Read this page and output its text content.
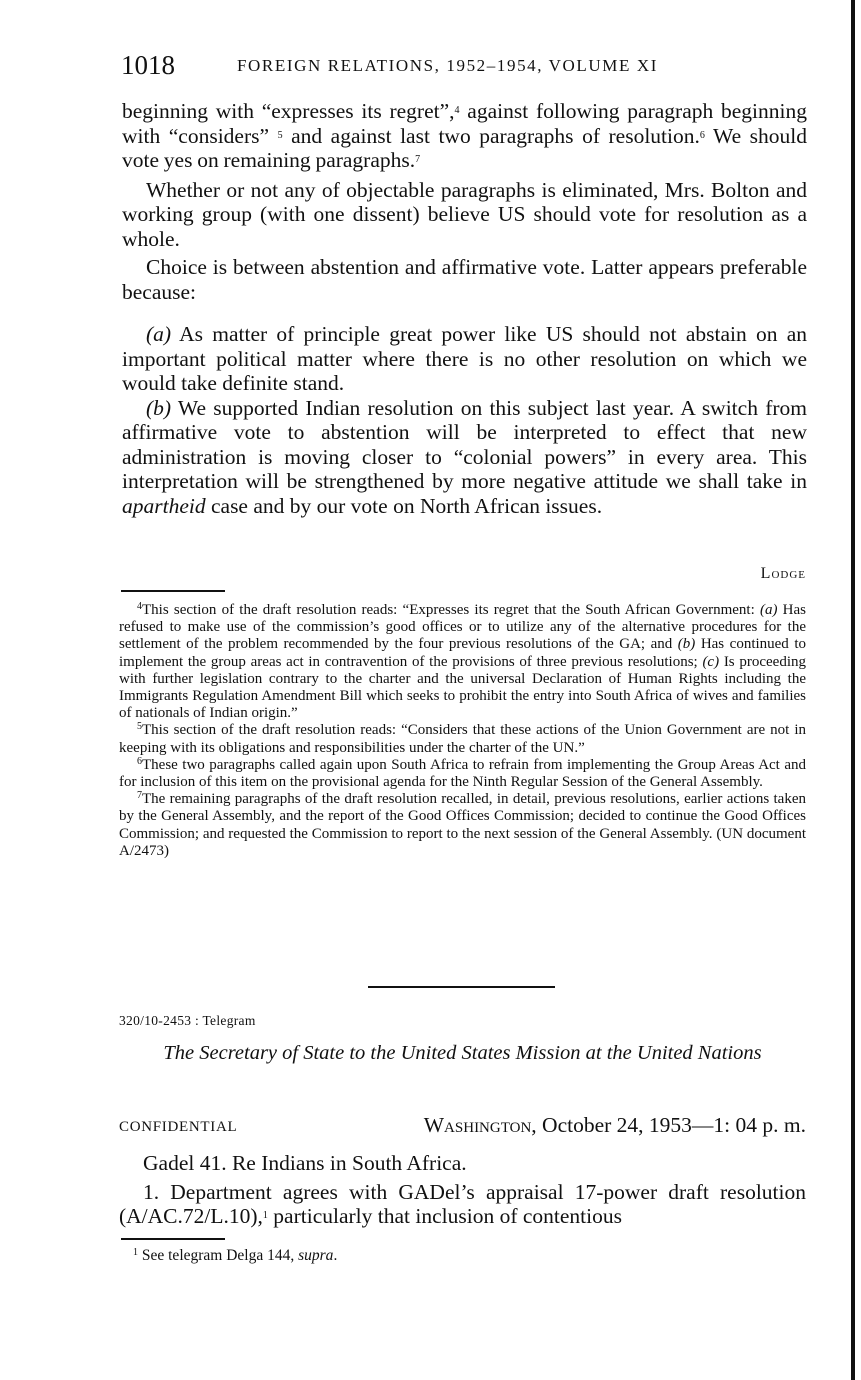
1018	FOREIGN RELATIONS, 1952–1954, VOLUME XI

beginning with “expresses its regret”,$^4$ against following paragraph beginning with “considers” $^5$ and against last two paragraphs of resolution.$^6$ We should vote yes on remaining paragraphs.$^7$

Whether or not any of objectable paragraphs is eliminated, Mrs. Bolton and working group (with one dissent) believe US should vote for resolution as a whole.

Choice is between abstention and affirmative vote. Latter appears preferable because:

(a) As matter of principle great power like US should not abstain on an important political matter where there is no other resolution on which we would take definite stand.

(b) We supported Indian resolution on this subject last year. A switch from affirmative vote to abstention will be interpreted to effect that new administration is moving closer to “colonial powers” in every area. This interpretation will be strengthened by more negative attitude we shall take in apartheid case and by our vote on North African issues.

Lodge

$^4$This section of the draft resolution reads: “Expresses its regret that the South African Government: (a) Has refused to make use of the commission’s good offices or to utilize any of the alternative procedures for the settlement of the problem recommended by the four previous resolutions of the GA; and (b) Has continued to implement the group areas act in contravention of the provisions of three previous resolutions; (c) Is proceeding with further legislation contrary to the charter and the universal Declaration of Human Rights including the Immigrants Regulation Amendment Bill which seeks to prohibit the entry into South Africa of wives and families of nationals of Indian origin.”

$^5$This section of the draft resolution reads: “Considers that these actions of the Union Government are not in keeping with its obligations and responsibilities under the charter of the UN.”

$^6$These two paragraphs called again upon South Africa to refrain from implementing the Group Areas Act and for inclusion of this item on the provisional agenda for the Ninth Regular Session of the General Assembly.

$^7$The remaining paragraphs of the draft resolution recalled, in detail, previous resolutions, earlier actions taken by the General Assembly, and the report of the Good Offices Commission; decided to continue the Good Offices Commission; and requested the Commission to report to the next session of the General Assembly. (UN document A/2473)

320/10-2453 : Telegram
The Secretary of State to the United States Mission at the United Nations
CONFIDENTIAL	Washington, October 24, 1953—1: 04 p. m.

Gadel 41. Re Indians in South Africa.

1. Department agrees with GADel’s appraisal 17-power draft resolution (A/AC.72/L.10),$^1$ particularly that inclusion of contentious

$^1$ See telegram Delga 144, supra.
